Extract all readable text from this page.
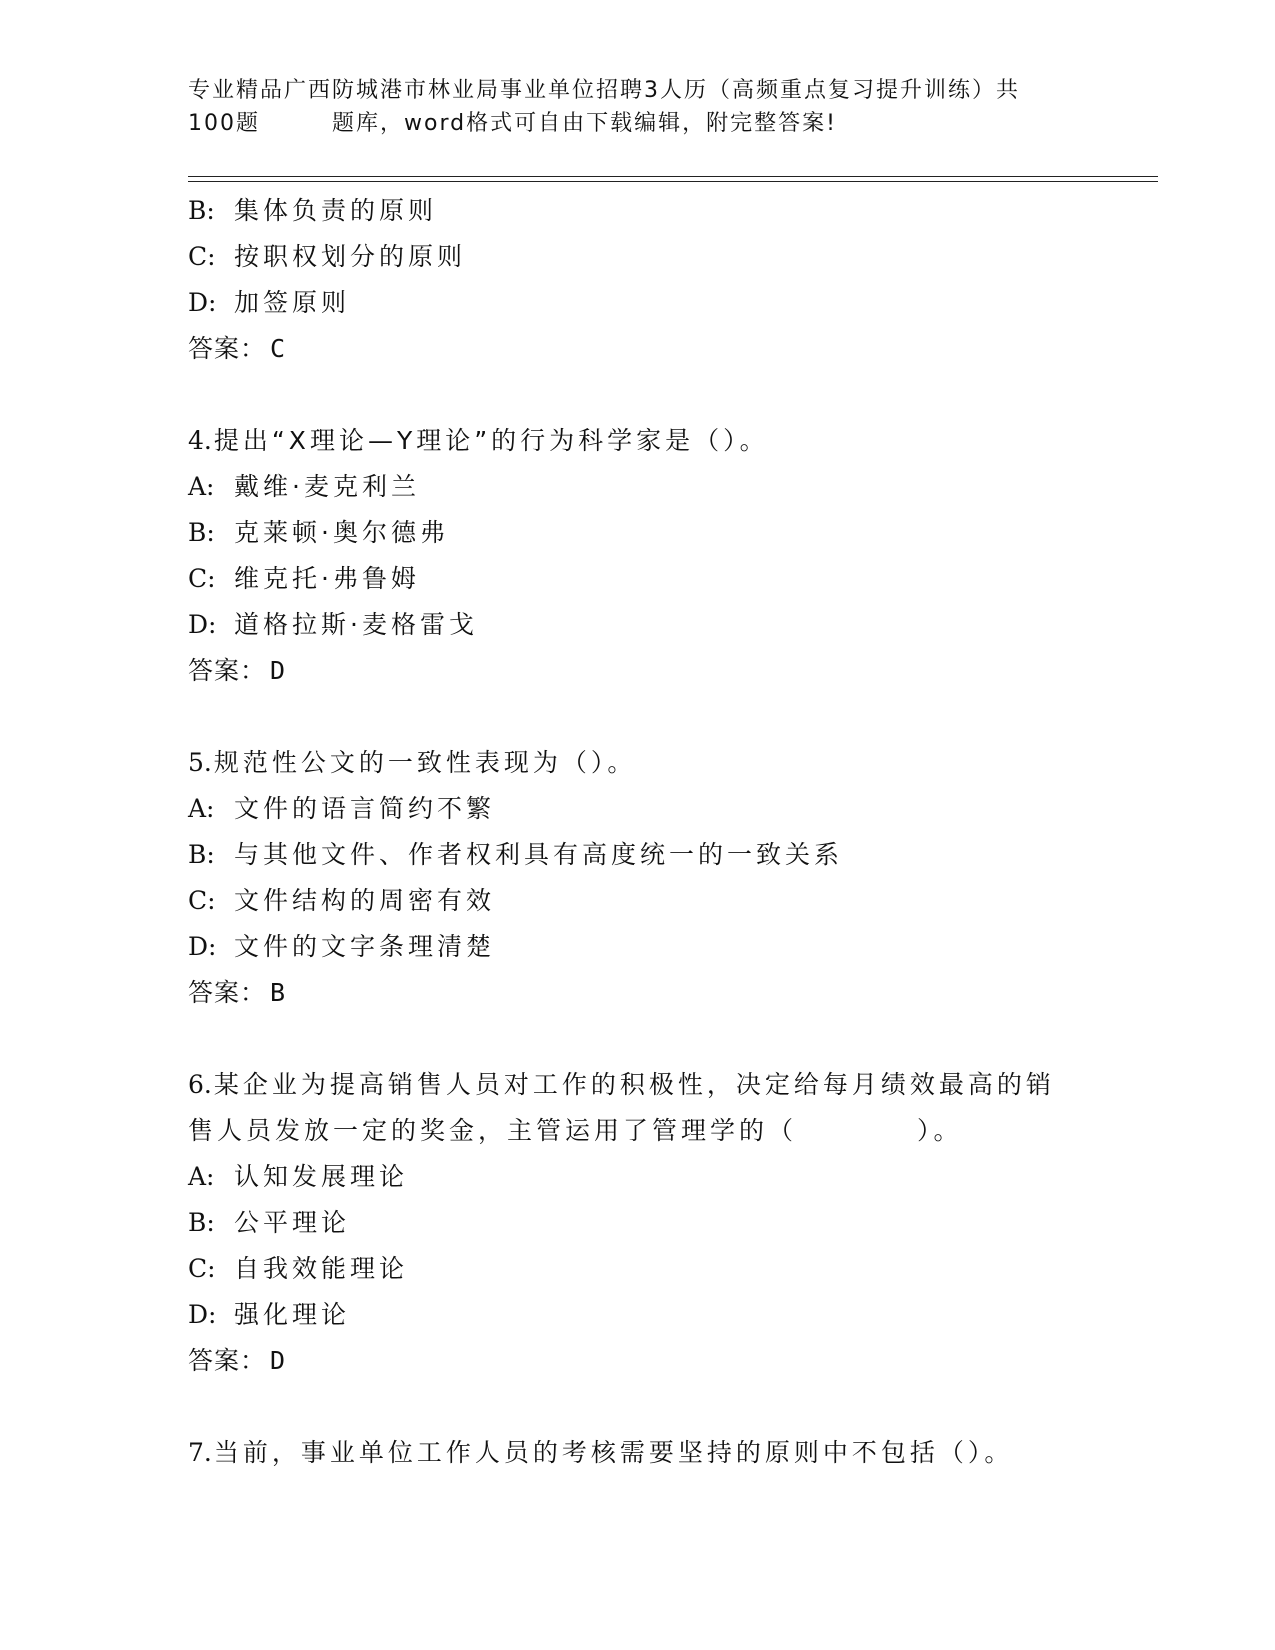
专业精品广西防城港市林业局事业单位招聘3人历（高频重点复习提升训练）共
100题	题库，word格式可自由下载编辑，附完整答案!
B: 集体负责的原则
C: 按职权划分的原则
D: 加签原则
答案： C
4.提出“X理论—Y理论”的行为科学家是（）。
A: 戴维·麦克利兰
B: 克莱顿·奥尔德弗
C: 维克托·弗鲁姆
D: 道格拉斯·麦格雷戈
答案： D
5.规范性公文的一致性表现为（）。
A: 文件的语言简约不繁
B: 与其他文件、作者权利具有高度统一的一致关系
C: 文件结构的周密有效
D: 文件的文字条理清楚
答案： B
6.某企业为提高销售人员对工作的积极性，决定给每月绩效最高的销
售人员发放一定的奖金，主管运用了管理学的（	）。
A: 认知发展理论
B: 公平理论
C: 自我效能理论
D: 强化理论
答案： D
7.当前，事业单位工作人员的考核需要坚持的原则中不包括（）。
